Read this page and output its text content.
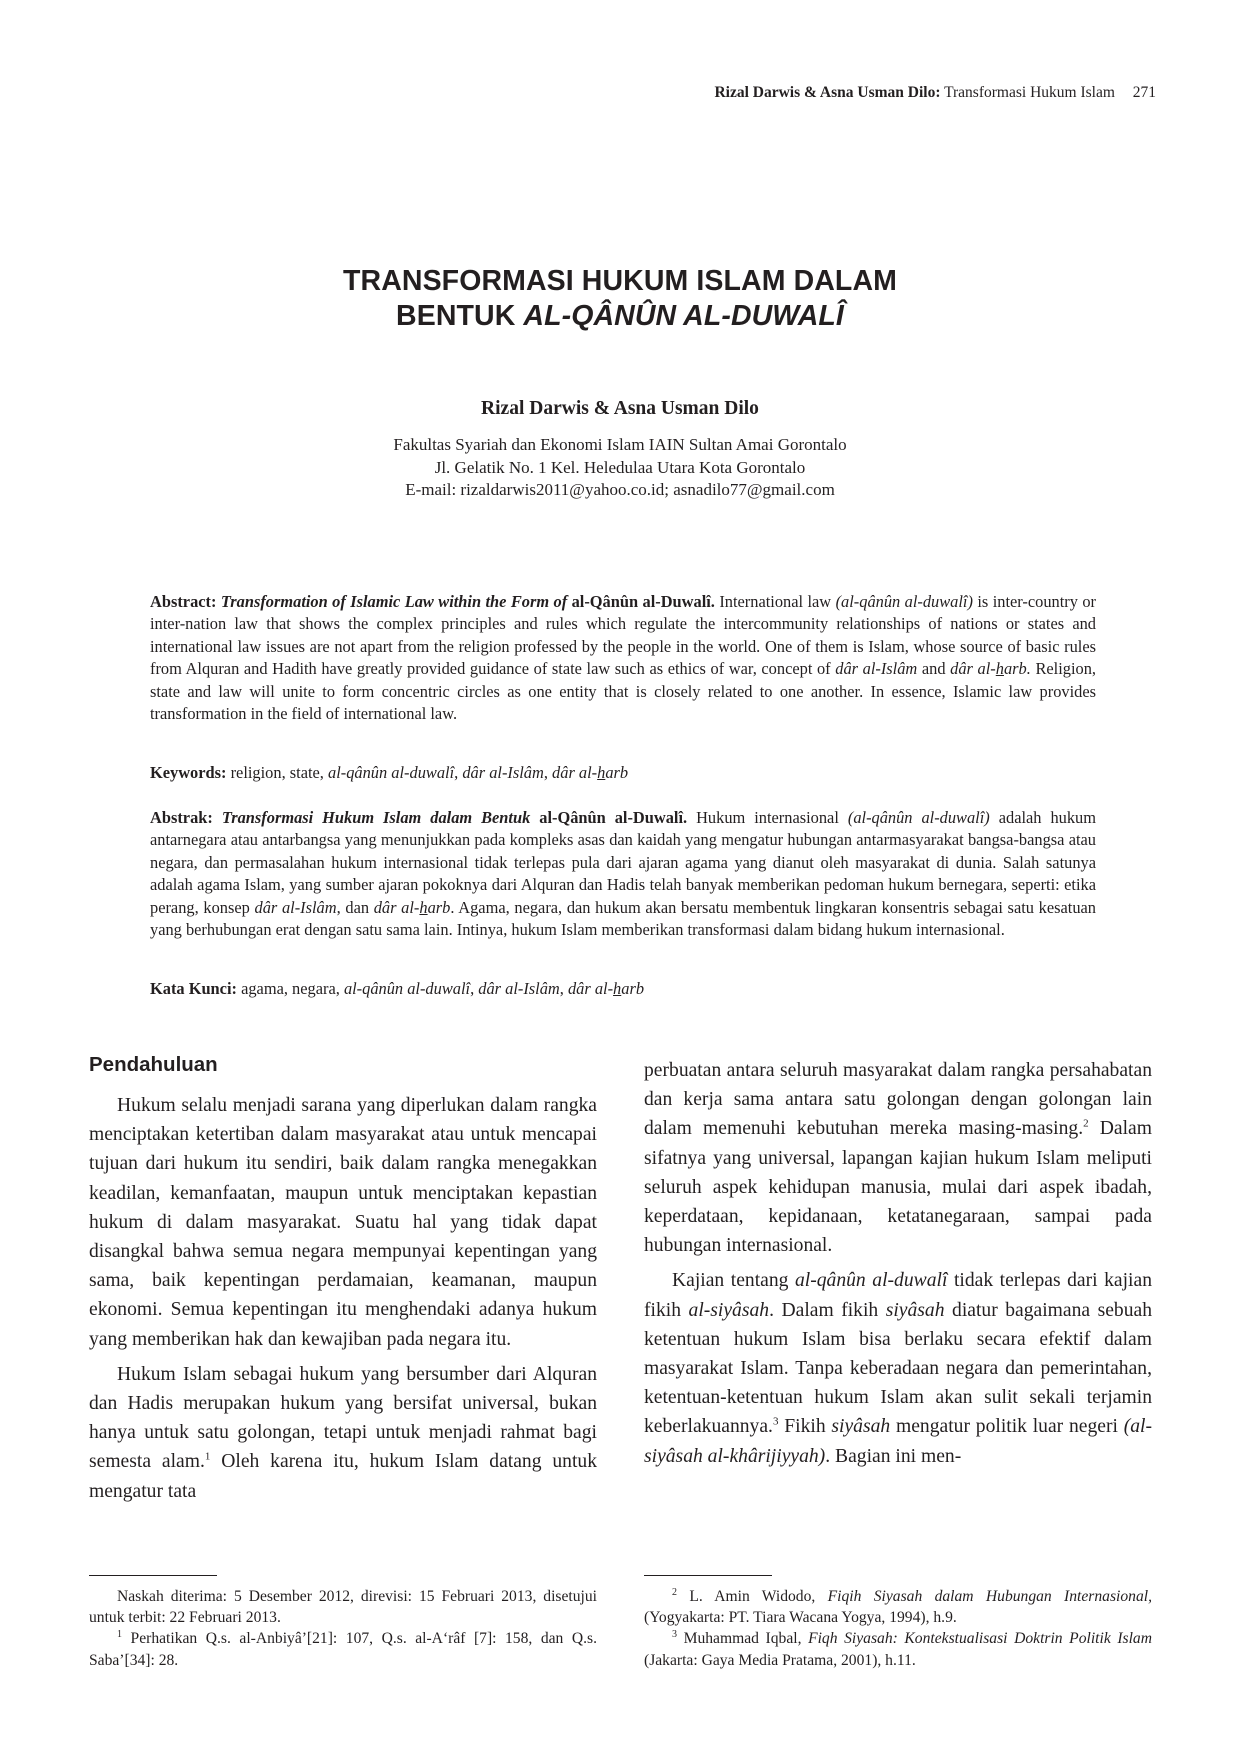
Rizal Darwis & Asna Usman Dilo: Transformasi Hukum Islam 271
TRANSFORMASI HUKUM ISLAM DALAM
BENTUK AL-QÂNÛN AL-DUWALÎ
Rizal Darwis & Asna Usman Dilo
Fakultas Syariah dan Ekonomi Islam IAIN Sultan Amai Gorontalo
Jl. Gelatik No. 1 Kel. Heledulaa Utara Kota Gorontalo
E-mail: rizaldarwis2011@yahoo.co.id; asnadilo77@gmail.com
Abstract: Transformation of Islamic Law within the Form of al-Qânûn al-Duwalî. International law (al-qânûn al-duwalî) is inter-country or inter-nation law that shows the complex principles and rules which regulate the intercommunity relationships of nations or states and international law issues are not apart from the religion professed by the people in the world. One of them is Islam, whose source of basic rules from Alquran and Hadith have greatly provided guidance of state law such as ethics of war, concept of dâr al-Islâm and dâr al-harb. Religion, state and law will unite to form concentric circles as one entity that is closely related to one another. In essence, Islamic law provides transformation in the field of international law.
Keywords: religion, state, al-qânûn al-duwalî, dâr al-Islâm, dâr al-harb
Abstrak: Transformasi Hukum Islam dalam Bentuk al-Qânûn al-Duwalî. Hukum internasional (al-qânûn al-duwalî) adalah hukum antarnegara atau antarbangsa yang menunjukkan pada kompleks asas dan kaidah yang mengatur hubungan antarmasyarakat bangsa-bangsa atau negara, dan permasalahan hukum internasional tidak terlepas pula dari ajaran agama yang dianut oleh masyarakat di dunia. Salah satunya adalah agama Islam, yang sumber ajaran pokoknya dari Alquran dan Hadis telah banyak memberikan pedoman hukum bernegara, seperti: etika perang, konsep dâr al-Islâm, dan dâr al-harb. Agama, negara, dan hukum akan bersatu membentuk lingkaran konsentris sebagai satu kesatuan yang berhubungan erat dengan satu sama lain. Intinya, hukum Islam memberikan transformasi dalam bidang hukum internasional.
Kata Kunci: agama, negara, al-qânûn al-duwalî, dâr al-Islâm, dâr al-harb
Pendahuluan

Hukum selalu menjadi sarana yang diperlukan dalam rangka menciptakan ketertiban dalam masyarakat atau untuk mencapai tujuan dari hukum itu sendiri, baik dalam rangka menegakkan keadilan, kemanfaatan, maupun untuk menciptakan kepastian hukum di dalam masyarakat. Suatu hal yang tidak dapat disangkal bahwa semua negara mempunyai kepentingan yang sama, baik kepentingan perdamaian, keamanan, maupun ekonomi. Semua kepentingan itu menghendaki adanya hukum yang memberikan hak dan kewajiban pada negara itu.

Hukum Islam sebagai hukum yang bersumber dari Alquran dan Hadis merupakan hukum yang bersifat universal, bukan hanya untuk satu golongan, tetapi untuk menjadi rahmat bagi semesta alam.$^1$ Oleh karena itu, hukum Islam datang untuk mengatur tata

perbuatan antara seluruh masyarakat dalam rangka persahabatan dan kerja sama antara satu golongan dengan golongan lain dalam memenuhi kebutuhan mereka masing-masing.$^2$ Dalam sifatnya yang universal, lapangan kajian hukum Islam meliputi seluruh aspek kehidupan manusia, mulai dari aspek ibadah, keperdataan, kepidanaan, ketatanegaraan, sampai pada hubungan internasional.

Kajian tentang al-qânûn al-duwalî tidak terlepas dari kajian fikih al-siyâsah. Dalam fikih siyâsah diatur bagaimana sebuah ketentuan hukum Islam bisa berlaku secara efektif dalam masyarakat Islam. Tanpa keberadaan negara dan pemerintahan, ketentuan-ketentuan hukum Islam akan sulit sekali terjamin keberlakuannya.$^3$ Fikih siyâsah mengatur politik luar negeri (al-siyâsah al-khârijiyyah). Bagian ini men-

Naskah diterima: 5 Desember 2012, direvisi: 15 Februari 2013, disetujui untuk terbit: 22 Februari 2013.

$^1$ Perhatikan Q.s. al-Anbiyâ’[21]: 107, Q.s. al-A‘râf [7]: 158, dan Q.s. Saba’[34]: 28.

$^2$ L. Amin Widodo, Fiqih Siyasah dalam Hubungan Internasional, (Yogyakarta: PT. Tiara Wacana Yogya, 1994), h.9.

$^3$ Muhammad Iqbal, Fiqh Siyasah: Kontekstualisasi Doktrin Politik Islam (Jakarta: Gaya Media Pratama, 2001), h.11.
